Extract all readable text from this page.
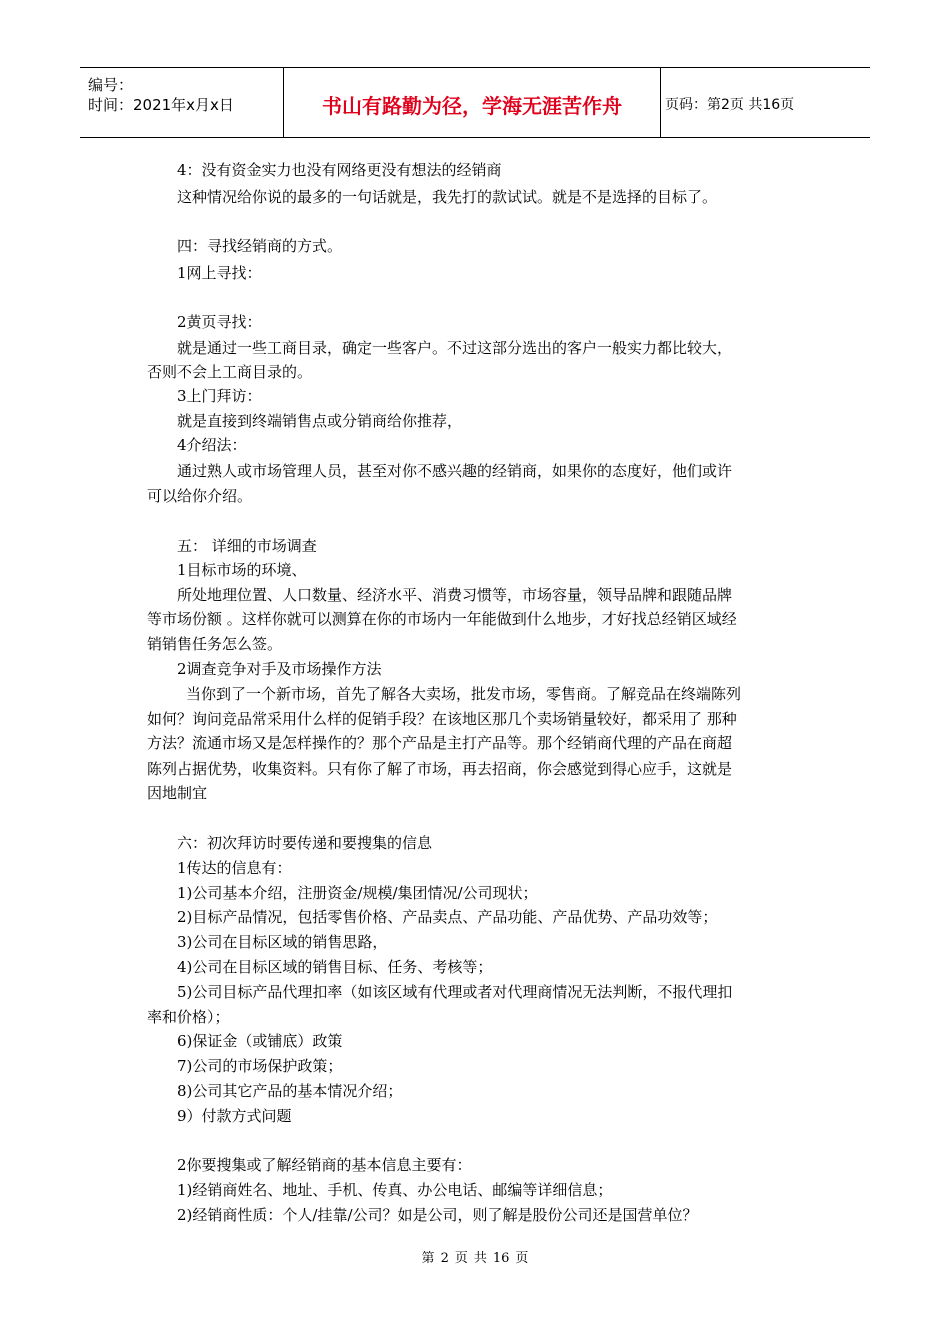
编号：
时间：2021年x月x日	书山有路勤为径，学海无涯苦作舟	页码：第2页 共16页
4：没有资金实力也没有网络更没有想法的经销商
这种情况给你说的最多的一句话就是，我先打的款试试。就是不是选择的目标了。
四：寻找经销商的方式。
1网上寻找：
2黄页寻找：
就是通过一些工商目录，确定一些客户。不过这部分选出的客户一般实力都比较大，
否则不会上工商目录的。
3上门拜访：
就是直接到终端销售点或分销商给你推荐，
4介绍法：
通过熟人或市场管理人员，甚至对你不感兴趣的经销商，如果你的态度好，他们或许
可以给你介绍。
五： 详细的市场调查
1目标市场的环境、
所处地理位置、人口数量、经济水平、消费习惯等，市场容量，领导品牌和跟随品牌
等市场份额 。这样你就可以测算在你的市场内一年能做到什么地步，才好找总经销区域经
销销售任务怎么签。
2调查竞争对手及市场操作方法
当你到了一个新市场，首先了解各大卖场，批发市场，零售商。了解竞品在终端陈列
如何？询问竞品常采用什么样的促销手段？在该地区那几个卖场销量较好，都采用了 那种
方法？流通市场又是怎样操作的？那个产品是主打产品等。那个经销商代理的产品在商超
陈列占据优势，收集资料。只有你了解了市场，再去招商，你会感觉到得心应手，这就是
因地制宜
六：初次拜访时要传递和要搜集的信息
1传达的信息有：
1)公司基本介绍，注册资金/规模/集团情况/公司现状；
2)目标产品情况，包括零售价格、产品卖点、产品功能、产品优势、产品功效等；
3)公司在目标区域的销售思路，
4)公司在目标区域的销售目标、任务、考核等；
5)公司目标产品代理扣率（如该区域有代理或者对代理商情况无法判断，不报代理扣
率和价格）；
6)保证金（或铺底）政策
7)公司的市场保护政策；
8)公司其它产品的基本情况介绍；
9）付款方式问题
2你要搜集或了解经销商的基本信息主要有：
1)经销商姓名、地址、手机、传真、办公电话、邮编等详细信息；
2)经销商性质：个人/挂靠/公司？如是公司，则了解是股份公司还是国营单位？
第 2 页 共 16 页
